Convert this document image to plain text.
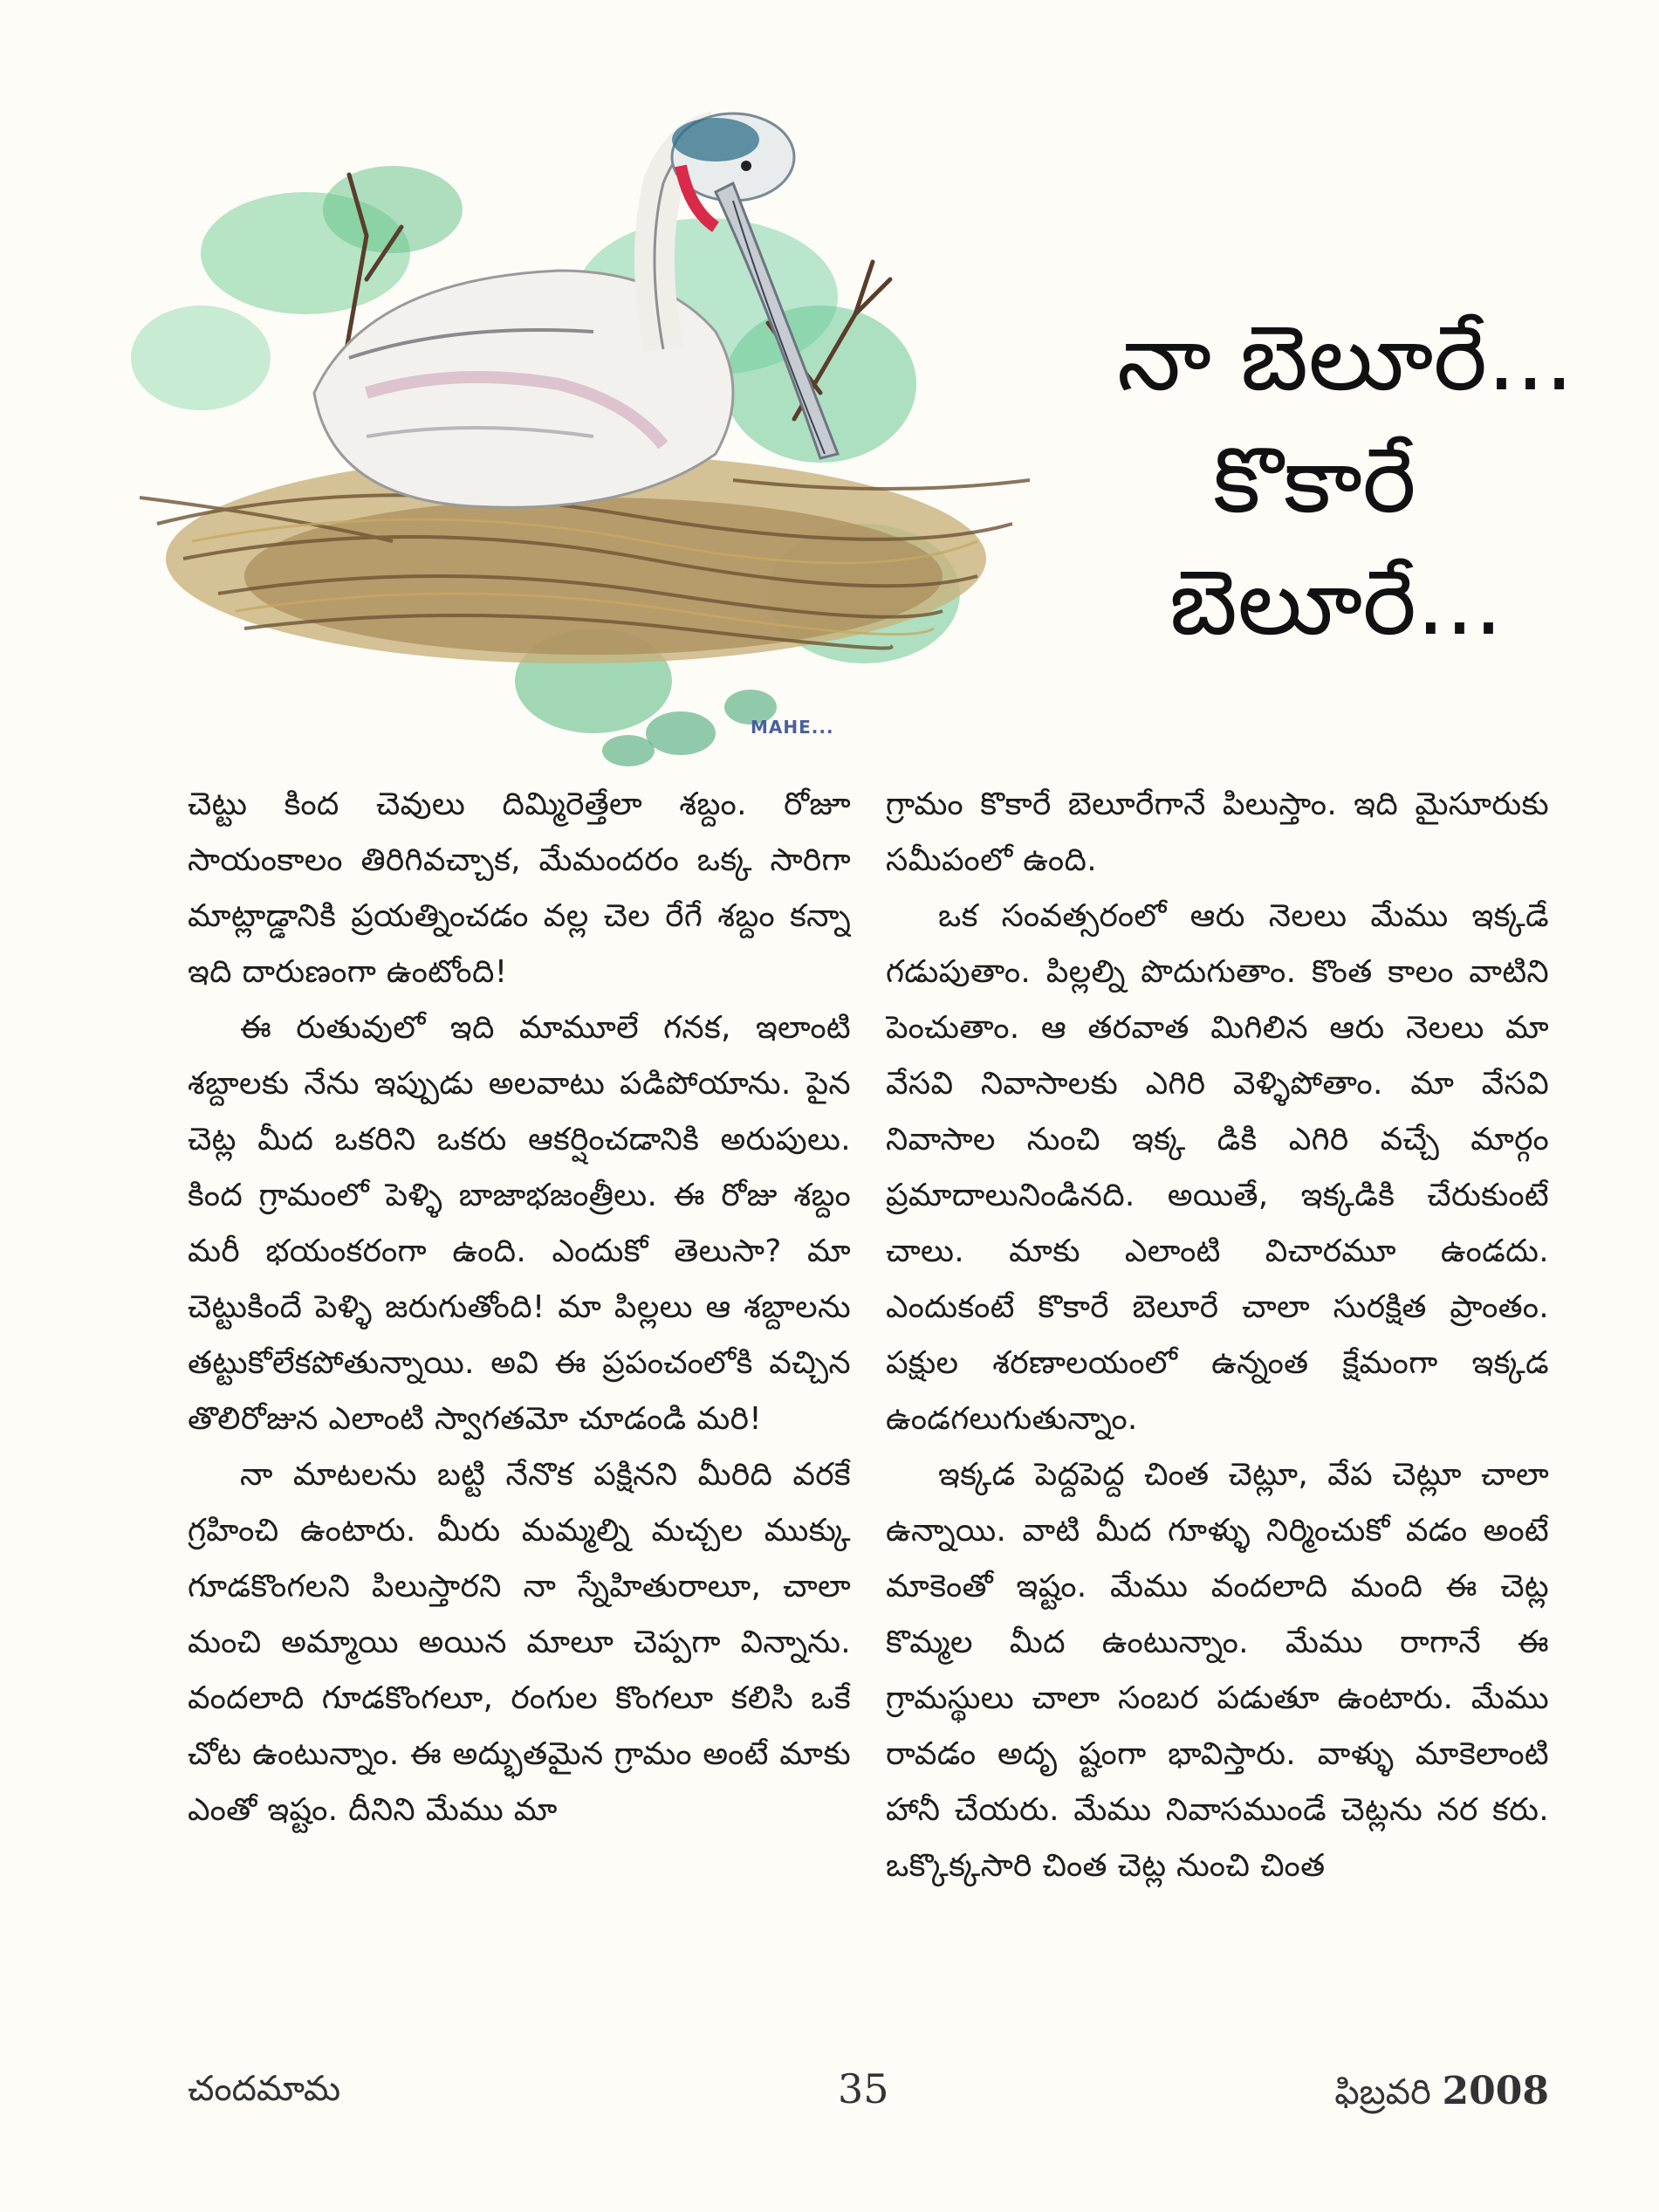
MAHE...
నా బెలూరే...
కొకారే
బెలూరే...

చెట్టు కింద చెవులు దిమ్మిరెత్తేలా శబ్దం. రోజూ సాయంకాలం తిరిగివచ్చాక, మేమందరం ఒక్క సారిగా మాట్లాడ్డానికి ప్రయత్నించడం వల్ల చెల రేగే శబ్దం కన్నా ఇది దారుణంగా ఉంటోంది!

ఈ రుతువులో ఇది మామూలే గనక, ఇలాంటి శబ్దాలకు నేను ఇప్పుడు అలవాటు పడిపోయాను. పైన చెట్ల మీద ఒకరిని ఒకరు ఆకర్షించడానికి అరుపులు. కింద గ్రామంలో పెళ్ళి బాజాభజంత్రీలు. ఈ రోజు శబ్దం మరీ భయంకరంగా ఉంది. ఎందుకో తెలుసా? మా చెట్టుకిందే పెళ్ళి జరుగుతోంది! మా పిల్లలు ఆ శబ్దాలను తట్టుకోలేకపోతున్నాయి. అవి ఈ ప్రపంచంలోకి వచ్చిన తొలిరోజున ఎలాంటి స్వాగతమో చూడండి మరి!

నా మాటలను బట్టి నేనొక పక్షినని మీరిది వరకే గ్రహించి ఉంటారు. మీరు మమ్మల్ని మచ్చల ముక్కు గూడకొంగలని పిలుస్తారని నా స్నేహితురాలూ, చాలా మంచి అమ్మాయి అయిన మాలూ చెప్పగా విన్నాను. వందలాది గూడకొంగలూ, రంగుల కొంగలూ కలిసి ఒకే చోట ఉంటున్నాం. ఈ అద్భుతమైన గ్రామం అంటే మాకు ఎంతో ఇష్టం. దీనిని మేము మా

గ్రామం కొకారే బెలూరేగానే పిలుస్తాం. ఇది మైసూరుకు సమీపంలో ఉంది.

ఒక సంవత్సరంలో ఆరు నెలలు మేము ఇక్కడే గడుపుతాం. పిల్లల్ని పొదుగుతాం. కొంత కాలం వాటిని పెంచుతాం. ఆ తరవాత మిగిలిన ఆరు నెలలు మా వేసవి నివాసాలకు ఎగిరి వెళ్ళిపోతాం. మా వేసవి నివాసాల నుంచి ఇక్క డికి ఎగిరి వచ్చే మార్గం ప్రమాదాలునిండినది. అయితే, ఇక్కడికి చేరుకుంటే చాలు. మాకు ఎలాంటి విచారమూ ఉండదు. ఎందుకంటే కొకారే బెలూరే చాలా సురక్షిత ప్రాంతం. పక్షుల శరణాలయంలో ఉన్నంత క్షేమంగా ఇక్కడ ఉండగలుగుతున్నాం.

ఇక్కడ పెద్దపెద్ద చింత చెట్లూ, వేప చెట్లూ చాలా ఉన్నాయి. వాటి మీద గూళ్ళు నిర్మించుకో వడం అంటే మాకెంతో ఇష్టం. మేము వందలాది మంది ఈ చెట్ల కొమ్మల మీద ఉంటున్నాం. మేము రాగానే ఈ గ్రామస్థులు చాలా సంబర పడుతూ ఉంటారు. మేము రావడం అదృ ష్టంగా భావిస్తారు. వాళ్ళు మాకెలాంటి హానీ చేయరు. మేము నివాసముండే చెట్లను నర కరు. ఒక్కొక్కసారి చింత చెట్ల నుంచి చింత

చందమామ	35	ఫిబ్రవరి 2008
